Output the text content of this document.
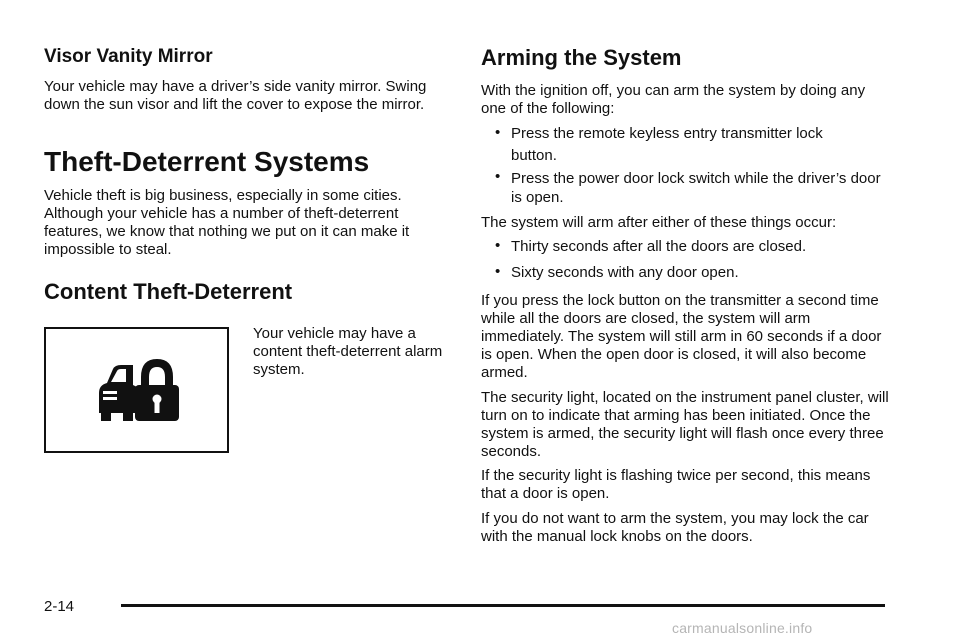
Visor Vanity Mirror

Your vehicle may have a driver’s side vanity mirror. Swing down the sun visor and lift the cover to expose the mirror.

Theft-Deterrent Systems

Vehicle theft is big business, especially in some cities. Although your vehicle has a number of theft-deterrent features, we know that nothing we put on it can make it impossible to steal.

Content Theft-Deterrent

Your vehicle may have a content theft-deterrent alarm system.

Arming the System

With the ignition off, you can arm the system by doing any one of the following:

• Press the remote keyless entry transmitter lock button.
• Press the power door lock switch while the driver’s door is open.

The system will arm after either of these things occur:

• Thirty seconds after all the doors are closed.
• Sixty seconds with any door open.

If you press the lock button on the transmitter a second time while all the doors are closed, the system will arm immediately. The system will still arm in 60 seconds if a door is open. When the open door is closed, it will also become armed.

The security light, located on the instrument panel cluster, will turn on to indicate that arming has been initiated. Once the system is armed, the security light will flash once every three seconds.

If the security light is flashing twice per second, this means that a door is open.

If you do not want to arm the system, you may lock the car with the manual lock knobs on the doors.

2-14
carmanualsonline.info
